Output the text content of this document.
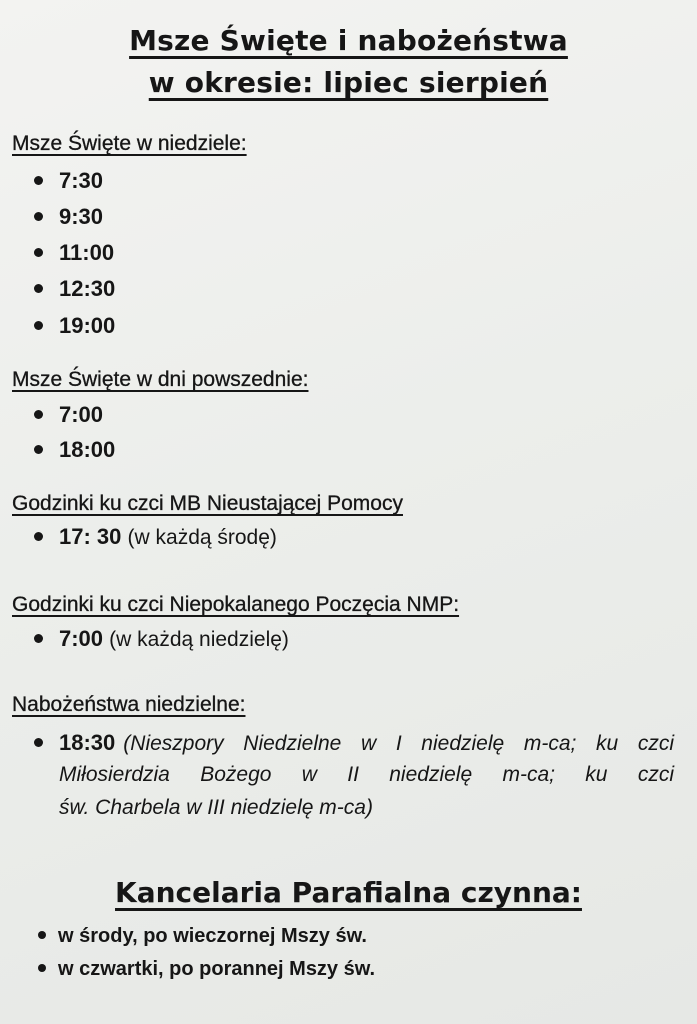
Msze Święte i nabożeństwa
w okresie: lipiec sierpień
Msze Święte w niedziele:
7:30
9:30
11:00
12:30
19:00
Msze Święte w dni powszednie:
7:00
18:00
Godzinki ku czci MB Nieustającej Pomocy
17: 30
(w każdą środę)
Godzinki ku czci Niepokalanego Poczęcia NMP:
7:00
(w każdą niedzielę)
Nabożeństwa niedzielne:
18:30 (Nieszpory Niedzielne w I niedzielę m-ca; ku czci
Miłosierdzia Bożego w II niedzielę m-ca; ku czci
św. Charbela w III niedzielę m-ca)
Kancelaria Parafialna czynna:
w środy, po wieczornej Mszy św.
w czwartki, po porannej Mszy św.
